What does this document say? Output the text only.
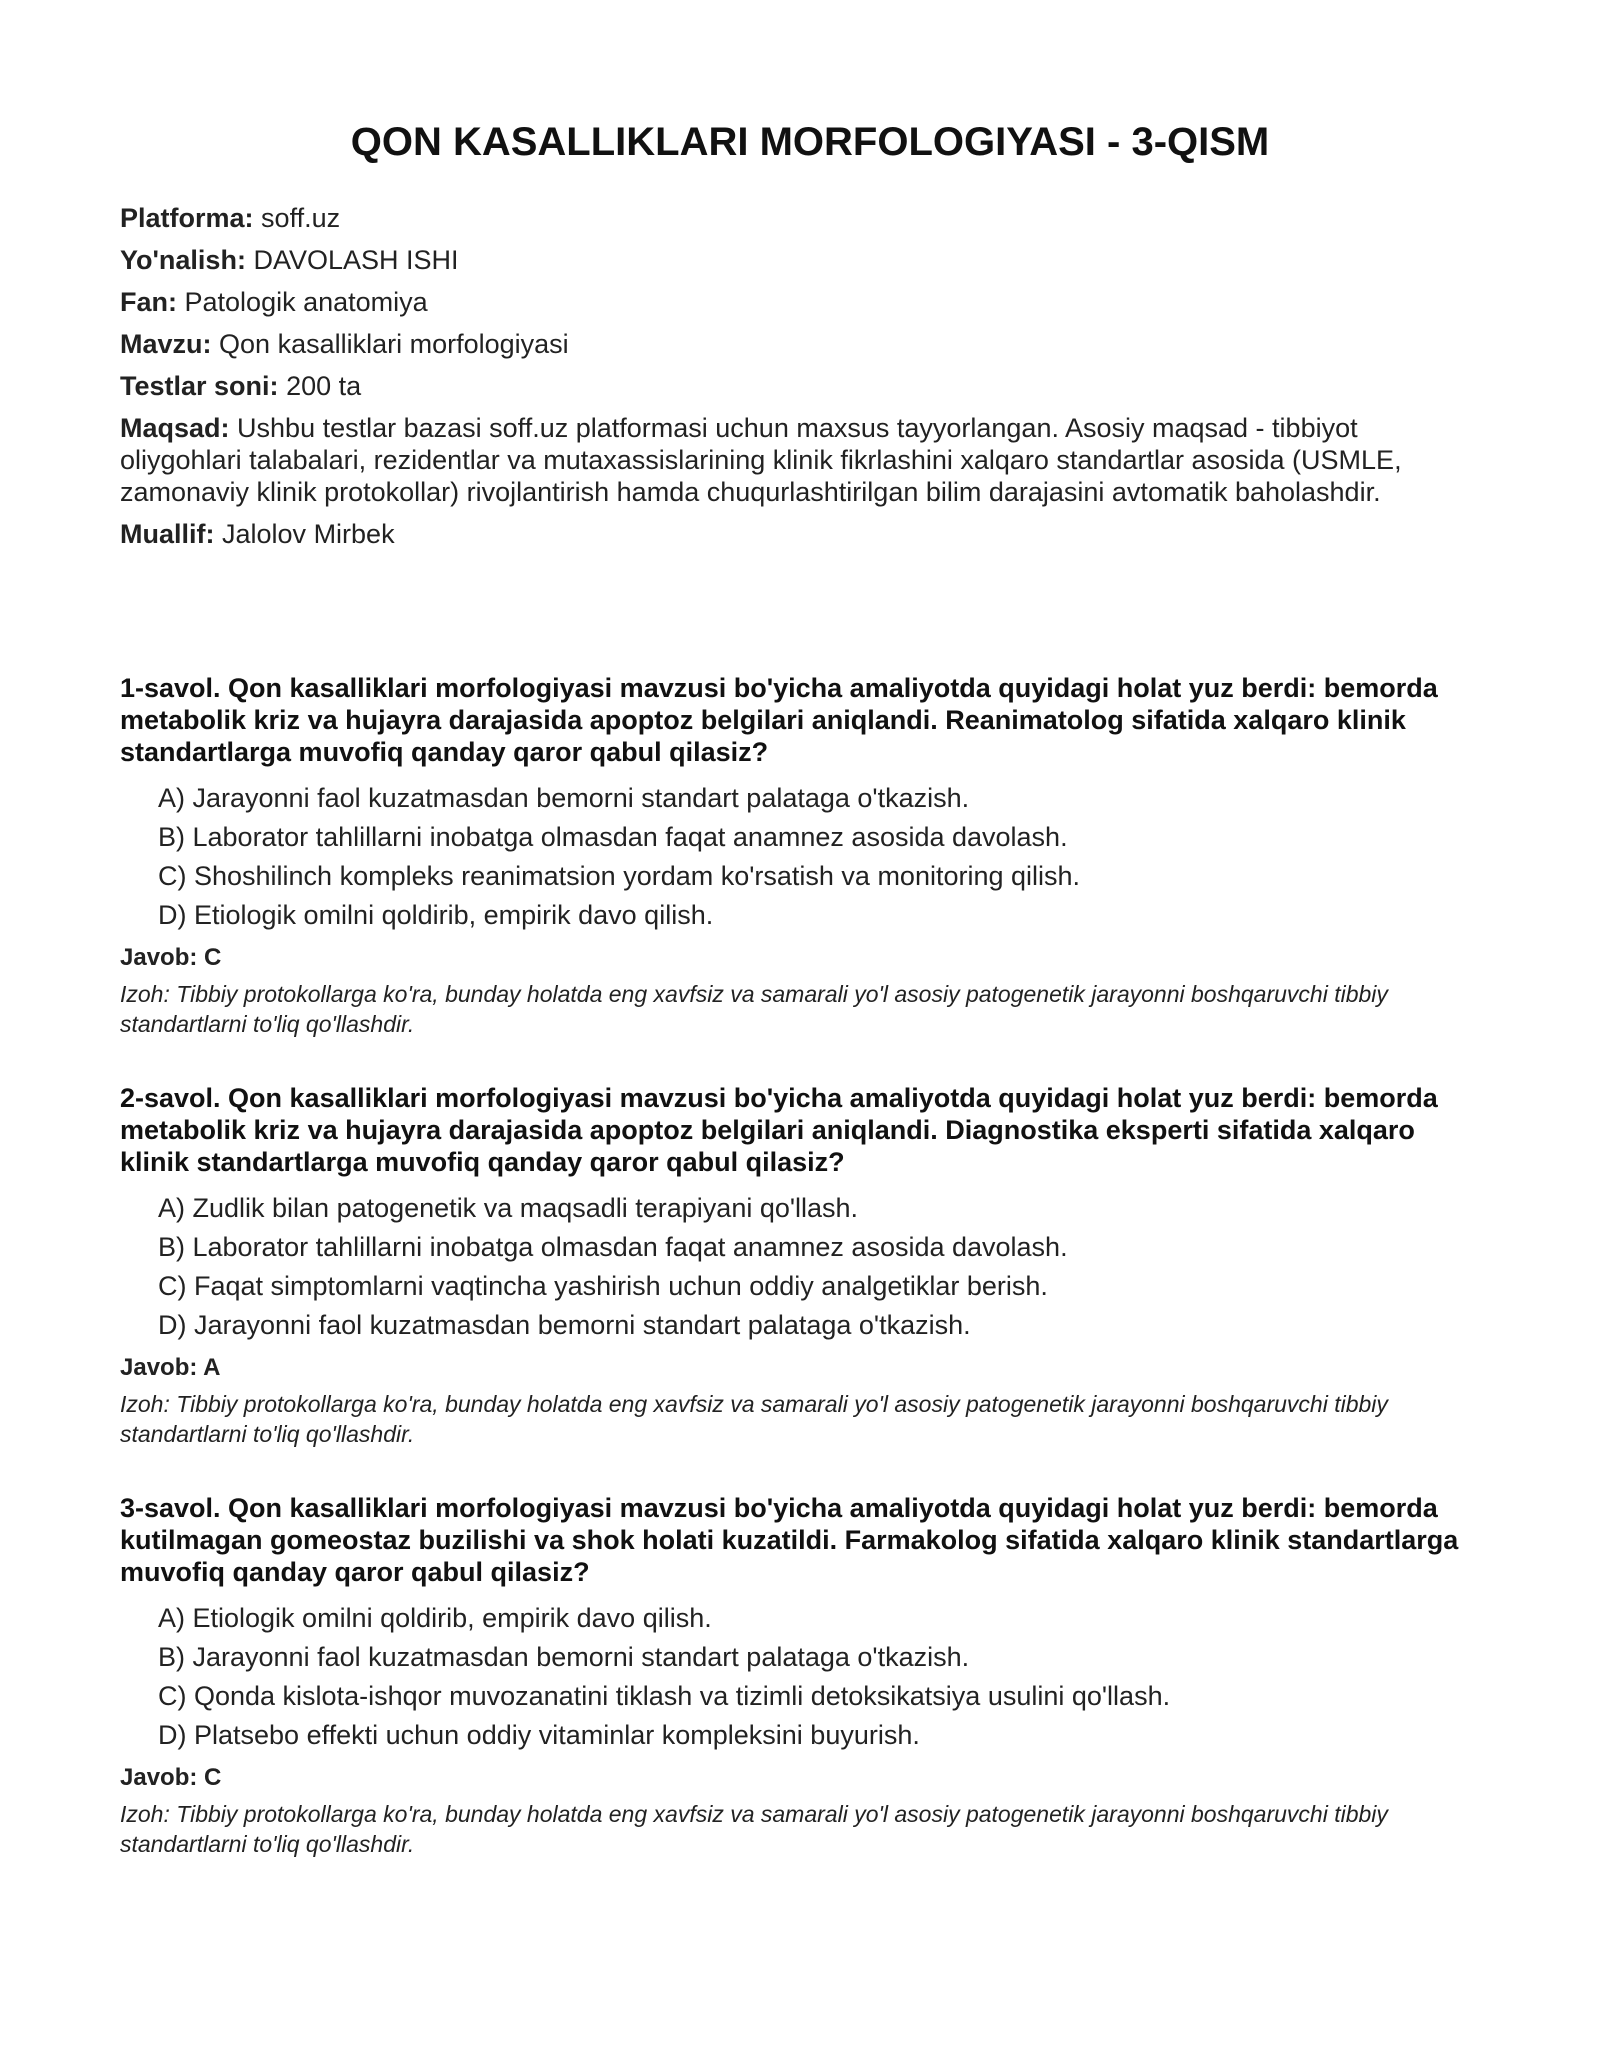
QON KASALLIKLARI MORFOLOGIYASI - 3-QISM
Platforma: soff.uz
Yo'nalish: DAVOLASH ISHI
Fan: Patologik anatomiya
Mavzu: Qon kasalliklari morfologiyasi
Testlar soni: 200 ta
Maqsad: Ushbu testlar bazasi soff.uz platformasi uchun maxsus tayyorlangan. Asosiy maqsad - tibbiyot oliygohlari talabalari, rezidentlar va mutaxassislarining klinik fikrlashini xalqaro standartlar asosida (USMLE, zamonaviy klinik protokollar) rivojlantirish hamda chuqurlashtirilgan bilim darajasini avtomatik baholashdir.
Muallif: Jalolov Mirbek

1-savol. Qon kasalliklari morfologiyasi mavzusi bo'yicha amaliyotda quyidagi holat yuz berdi: bemorda metabolik kriz va hujayra darajasida apoptoz belgilari aniqlandi. Reanimatolog sifatida xalqaro klinik standartlarga muvofiq qanday qaror qabul qilasiz?

A) Jarayonni faol kuzatmasdan bemorni standart palataga o'tkazish.
B) Laborator tahlillarni inobatga olmasdan faqat anamnez asosida davolash.
C) Shoshilinch kompleks reanimatsion yordam ko'rsatish va monitoring qilish.
D) Etiologik omilni qoldirib, empirik davo qilish.
Javob: C
Izoh: Tibbiy protokollarga ko'ra, bunday holatda eng xavfsiz va samarali yo'l asosiy patogenetik jarayonni boshqaruvchi tibbiy standartlarni to'liq qo'llashdir.

2-savol. Qon kasalliklari morfologiyasi mavzusi bo'yicha amaliyotda quyidagi holat yuz berdi: bemorda metabolik kriz va hujayra darajasida apoptoz belgilari aniqlandi. Diagnostika eksperti sifatida xalqaro klinik standartlarga muvofiq qanday qaror qabul qilasiz?

A) Zudlik bilan patogenetik va maqsadli terapiyani qo'llash.
B) Laborator tahlillarni inobatga olmasdan faqat anamnez asosida davolash.
C) Faqat simptomlarni vaqtincha yashirish uchun oddiy analgetiklar berish.
D) Jarayonni faol kuzatmasdan bemorni standart palataga o'tkazish.
Javob: A
Izoh: Tibbiy protokollarga ko'ra, bunday holatda eng xavfsiz va samarali yo'l asosiy patogenetik jarayonni boshqaruvchi tibbiy standartlarni to'liq qo'llashdir.

3-savol. Qon kasalliklari morfologiyasi mavzusi bo'yicha amaliyotda quyidagi holat yuz berdi: bemorda kutilmagan gomeostaz buzilishi va shok holati kuzatildi. Farmakolog sifatida xalqaro klinik standartlarga muvofiq qanday qaror qabul qilasiz?

A) Etiologik omilni qoldirib, empirik davo qilish.
B) Jarayonni faol kuzatmasdan bemorni standart palataga o'tkazish.
C) Qonda kislota-ishqor muvozanatini tiklash va tizimli detoksikatsiya usulini qo'llash.
D) Platsebo effekti uchun oddiy vitaminlar kompleksini buyurish.
Javob: C
Izoh: Tibbiy protokollarga ko'ra, bunday holatda eng xavfsiz va samarali yo'l asosiy patogenetik jarayonni boshqaruvchi tibbiy standartlarni to'liq qo'llashdir.
